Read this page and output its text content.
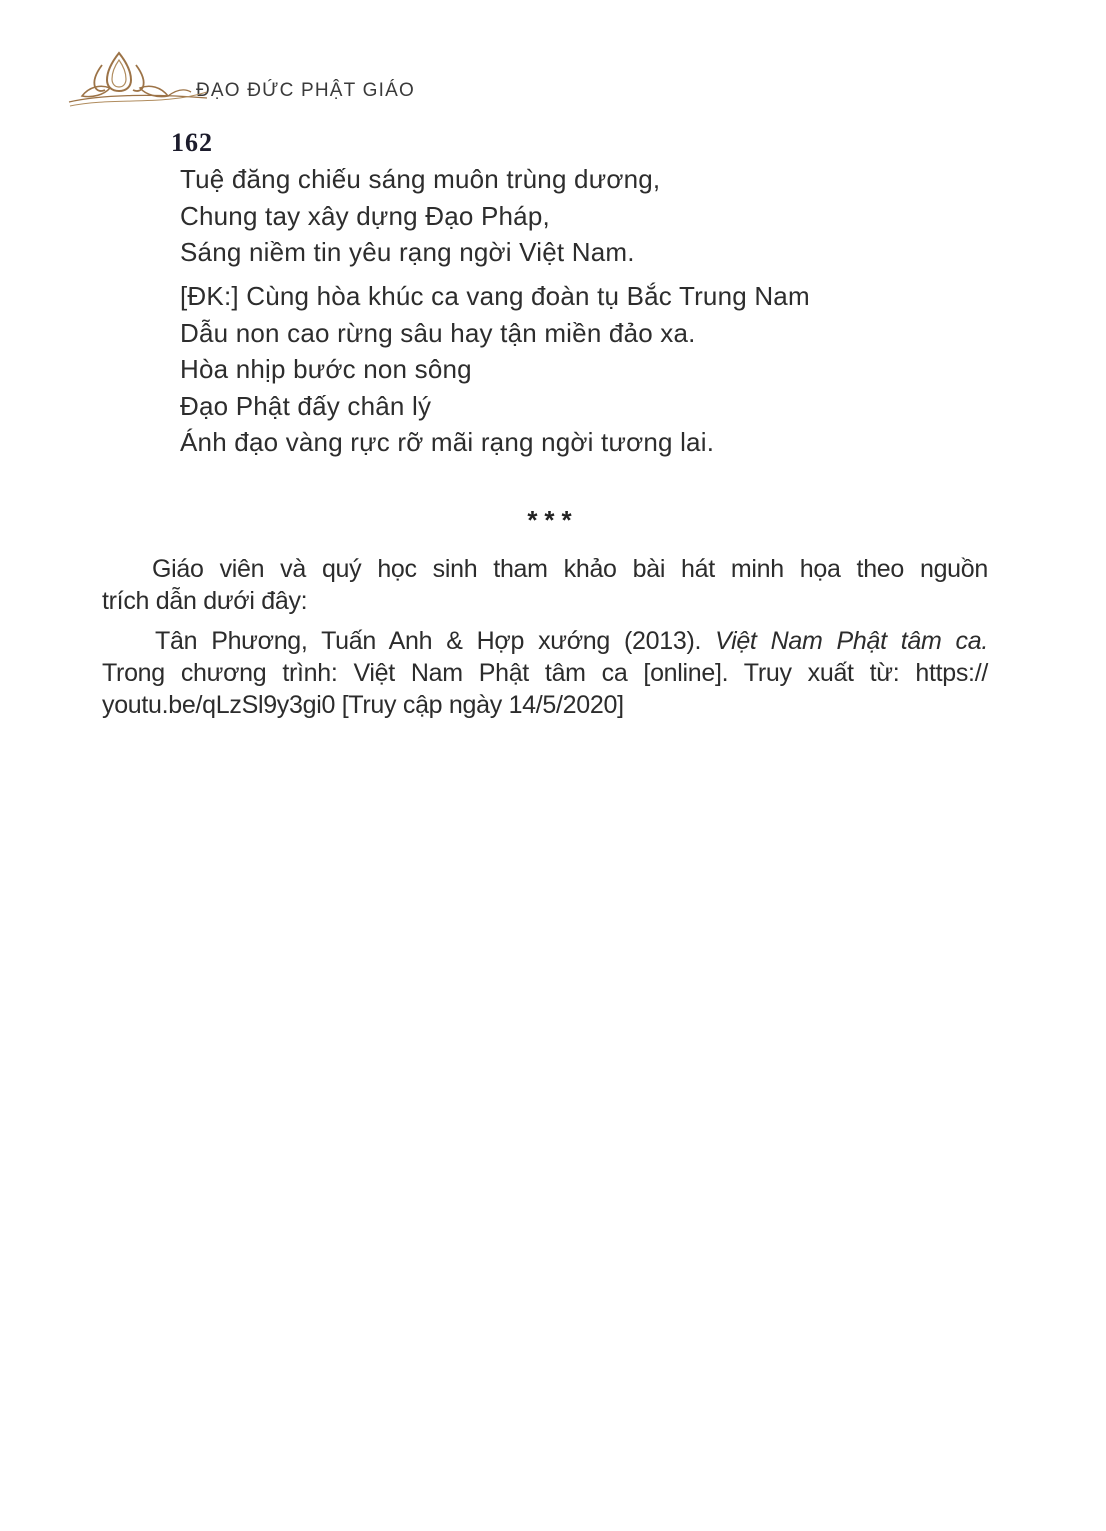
162
ĐẠO ĐỨC PHẬT GIÁO

Tuệ đăng chiếu sáng muôn trùng dương,

Chung tay xây dựng Đạo Pháp,

Sáng niềm tin yêu rạng ngời Việt Nam.

[ĐK:] Cùng hòa khúc ca vang đoàn tụ Bắc Trung Nam

Dẫu non cao rừng sâu hay tận miền đảo xa.

Hòa nhịp bước non sông

Đạo Phật đấy chân lý

Ánh đạo vàng rực rỡ mãi rạng ngời tương lai.

***
Giáo viên và quý học sinh tham khảo bài hát minh họa theo nguồn
trích dẫn dưới đây:
Tân Phương, Tuấn Anh & Hợp xướng (2013). Việt Nam Phật tâm ca.
Trong chương trình: Việt Nam Phật tâm ca [online]. Truy xuất từ: https://
youtu.be/qLzSl9y3gi0 [Truy cập ngày 14/5/2020]
